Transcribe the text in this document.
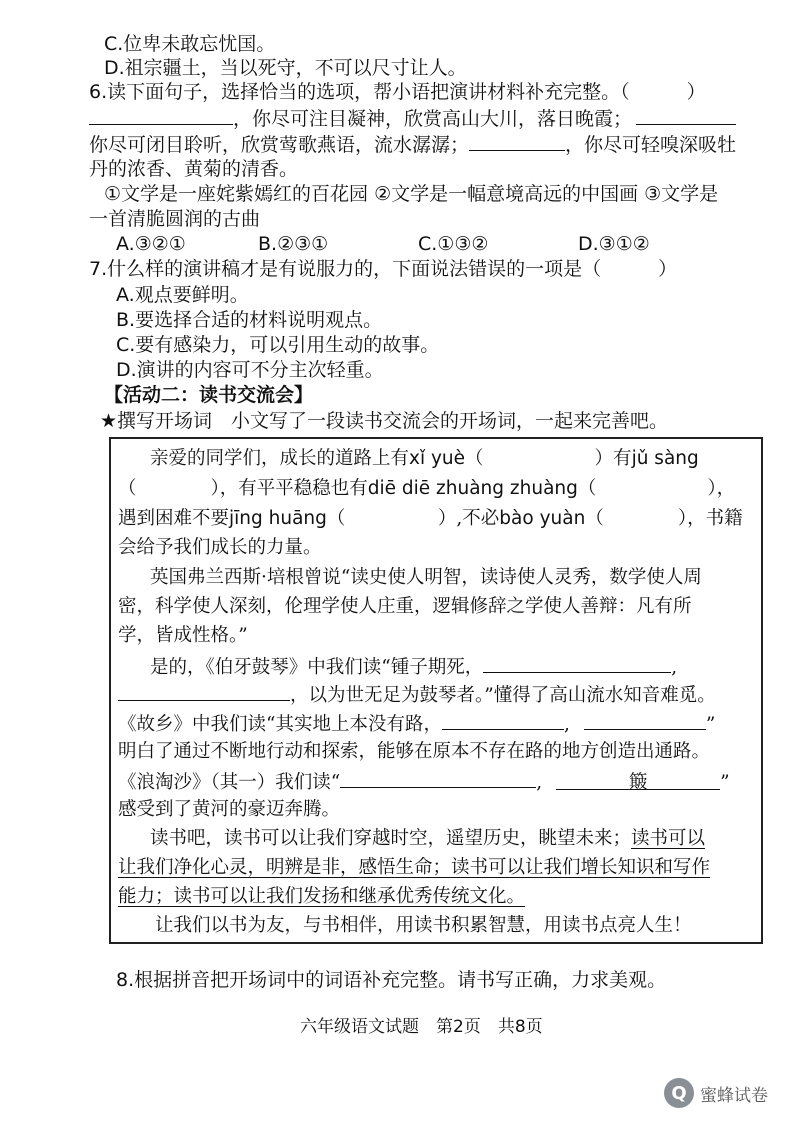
C.位卑未敢忘忧国。
D.祖宗疆土，当以死守，不可以尺寸让人。
6.读下面句子，选择恰当的选项，帮小语把演讲材料补充完整。（　　　）
，你尽可注目凝神，欣赏高山大川，落日晚霞；
你尽可闭目聆听，欣赏莺歌燕语，流水潺潺；	，你尽可轻嗅深吸牡
丹的浓香、黄菊的清香。
①文学是一座姹紫嫣红的百花园 ②文学是一幅意境高远的中国画 ③文学是
一首清脆圆润的古曲
A.③②①	B.②③①	C.①③②	D.③①②
7.什么样的演讲稿才是有说服力的，下面说法错误的一项是（　　　）
A.观点要鲜明。
B.要选择合适的材料说明观点。
C.要有感染力，可以引用生动的故事。
D.演讲的内容可不分主次轻重。
【活动二：读书交流会】
★撰写开场词　小文写了一段读书交流会的开场词，一起来完善吧。
亲爱的同学们，成长的道路上有xǐ yuè（　　　　　　）有jǔ sàng
（　　　　），有平平稳稳也有diē diē zhuàng zhuàng（　　　　　　），
遇到困难不要jīng huāng（　　　　　）,不必bào yuàn（　　　　），书籍
会给予我们成长的力量。
英国弗兰西斯·培根曾说“读史使人明智，读诗使人灵秀，数学使人周
密，科学使人深刻，伦理学使人庄重，逻辑修辞之学使人善辩：凡有所
学，皆成性格。”
是的，《伯牙鼓琴》中我们读“锺子期死，	,
，以为世无足为鼓琴者。”懂得了高山流水知音难觅。
《故乡》中我们读“其实地上本没有路，	,	”
明白了通过不断地行动和探索，能够在原本不存在路的地方创造出通路。
《浪淘沙》（其一）我们读“	,	簸	”
感受到了黄河的豪迈奔腾。
读书吧，读书可以让我们穿越时空，遥望历史，眺望未来；读书可以
让我们净化心灵，明辨是非，感悟生命；读书可以让我们增长知识和写作
能力；读书可以让我们发扬和继承优秀传统文化。
让我们以书为友，与书相伴，用读书积累智慧，用读书点亮人生！
8.根据拼音把开场词中的词语补充完整。请书写正确，力求美观。
六年级语文试题　第2页　共8页
Q 蜜蜂试卷
